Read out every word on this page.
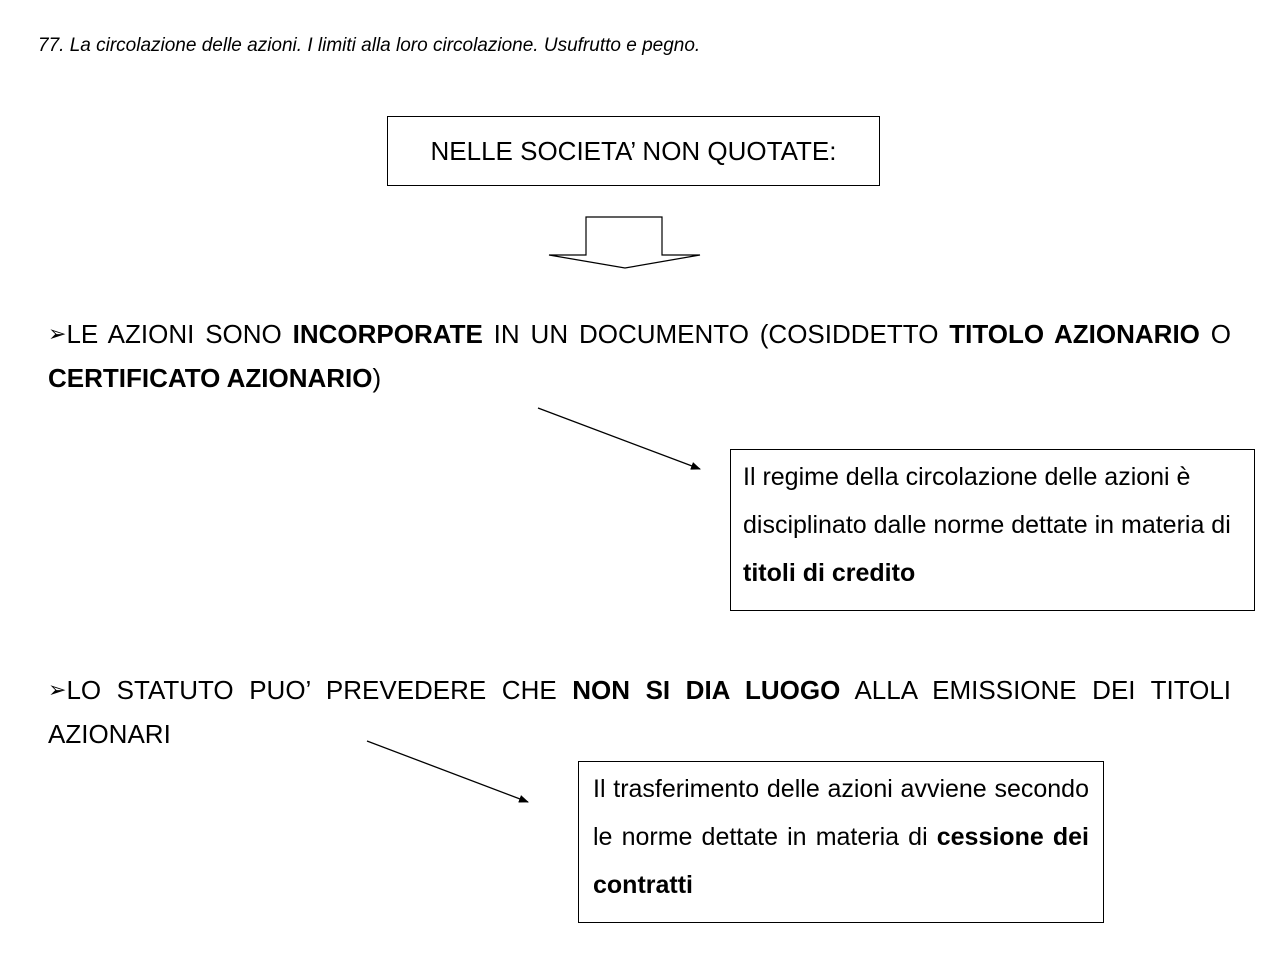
77. La circolazione delle azioni. I limiti alla loro circolazione. Usufrutto e pegno.
NELLE SOCIETA’ NON QUOTATE:
➢LE AZIONI SONO INCORPORATE IN UN DOCUMENTO (COSIDDETTO TITOLO AZIONARIO O CERTIFICATO AZIONARIO)
Il regime della circolazione delle azioni è disciplinato dalle norme dettate in materia di titoli di credito
➢LO STATUTO PUO’ PREVEDERE CHE NON SI DIA LUOGO ALLA EMISSIONE DEI TITOLI AZIONARI
Il trasferimento delle azioni avviene secondo le norme dettate in materia di cessione dei contratti
